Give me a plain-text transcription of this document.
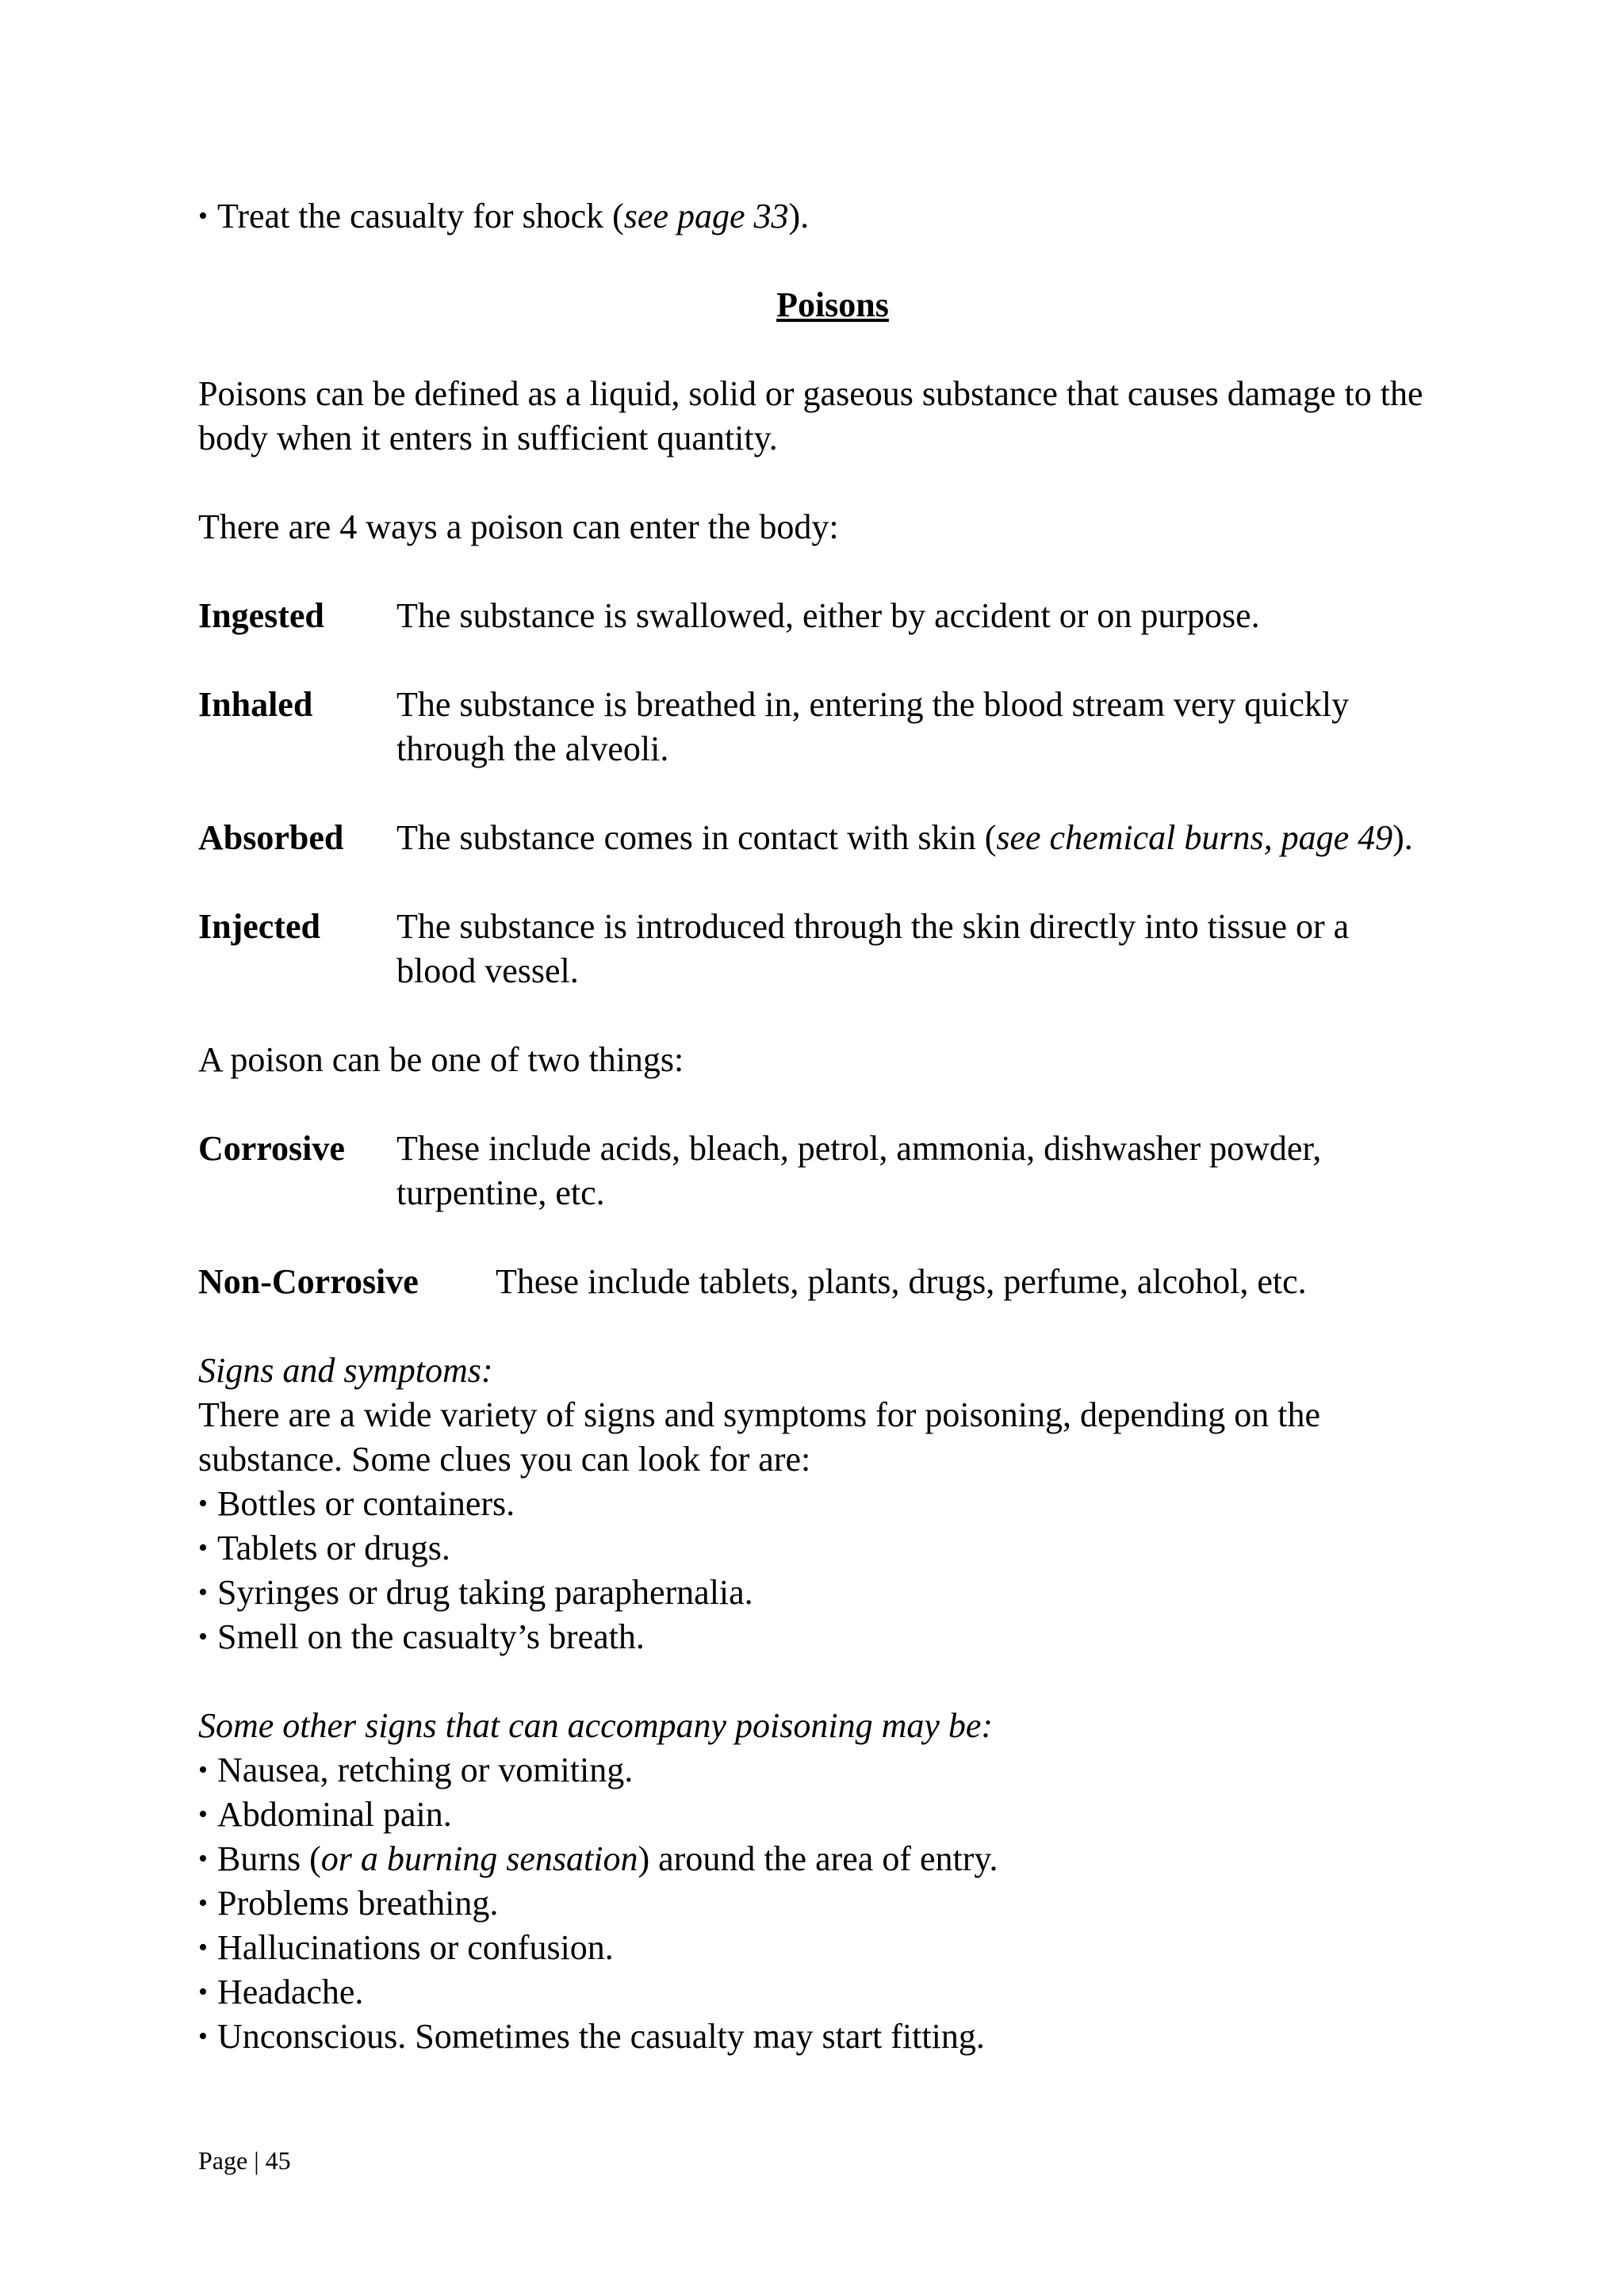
• Treat the casualty for shock (see page 33).

Poisons

Poisons can be defined as a liquid, solid or gaseous substance that causes damage to the body when it enters in sufficient quantity.

There are 4 ways a poison can enter the body:

Ingested	The substance is swallowed, either by accident or on purpose.
Inhaled	The substance is breathed in, entering the blood stream very quickly through the alveoli.
Absorbed	The substance comes in contact with skin (see chemical burns, page 49).
Injected	The substance is introduced through the skin directly into tissue or a blood vessel.

A poison can be one of two things:

Corrosive	These include acids, bleach, petrol, ammonia, dishwasher powder, turpentine, etc.
Non-Corrosive	These include tablets, plants, drugs, perfume, alcohol, etc.

Signs and symptoms:

There are a wide variety of signs and symptoms for poisoning, depending on the substance. Some clues you can look for are:

• Bottles or containers.
• Tablets or drugs.
• Syringes or drug taking paraphernalia.
• Smell on the casualty’s breath.

Some other signs that can accompany poisoning may be:

• Nausea, retching or vomiting.
• Abdominal pain.
• Burns (or a burning sensation) around the area of entry.
• Problems breathing.
• Hallucinations or confusion.
• Headache.
• Unconscious. Sometimes the casualty may start fitting.
Page | 45
